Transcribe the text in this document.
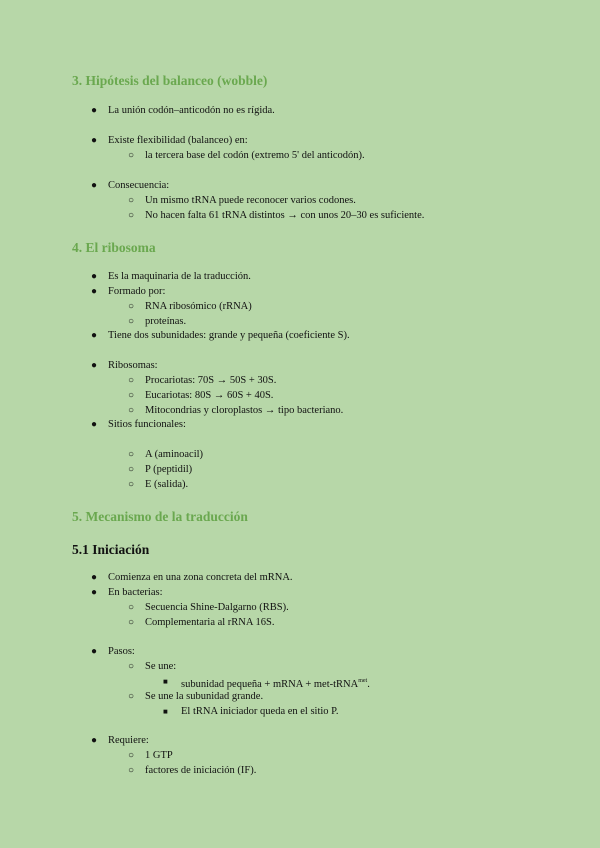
3. Hipótesis del balanceo (wobble)
● La unión codón–anticodón no es rígida.
● Existe flexibilidad (balanceo) en:
○ la tercera base del codón (extremo 5' del anticodón).
● Consecuencia:
○ Un mismo tRNA puede reconocer varios codones.
○ No hacen falta 61 tRNA distintos → con unos 20–30 es suficiente.
4. El ribosoma
● Es la maquinaria de la traducción.
● Formado por:
○ RNA ribosómico (rRNA)
○ proteínas.
● Tiene dos subunidades: grande y pequeña (coeficiente S).
● Ribosomas:
○ Procariotas: 70S → 50S + 30S.
○ Eucariotas: 80S → 60S + 40S.
○ Mitocondrias y cloroplastos → tipo bacteriano.
● Sitios funcionales:
○ A (aminoacil)
○ P (peptidil)
○ E (salida).
5. Mecanismo de la traducción
5.1 Iniciación
● Comienza en una zona concreta del mRNA.
● En bacterias:
○ Secuencia Shine-Dalgarno (RBS).
○ Complementaria al rRNA 16S.
● Pasos:
○ Se une:
■ subunidad pequeña + mRNA + met-tRNA$^{met}$.
○ Se une la subunidad grande.
■ El tRNA iniciador queda en el sitio P.
● Requiere:
○ 1 GTP
○ factores de iniciación (IF).
